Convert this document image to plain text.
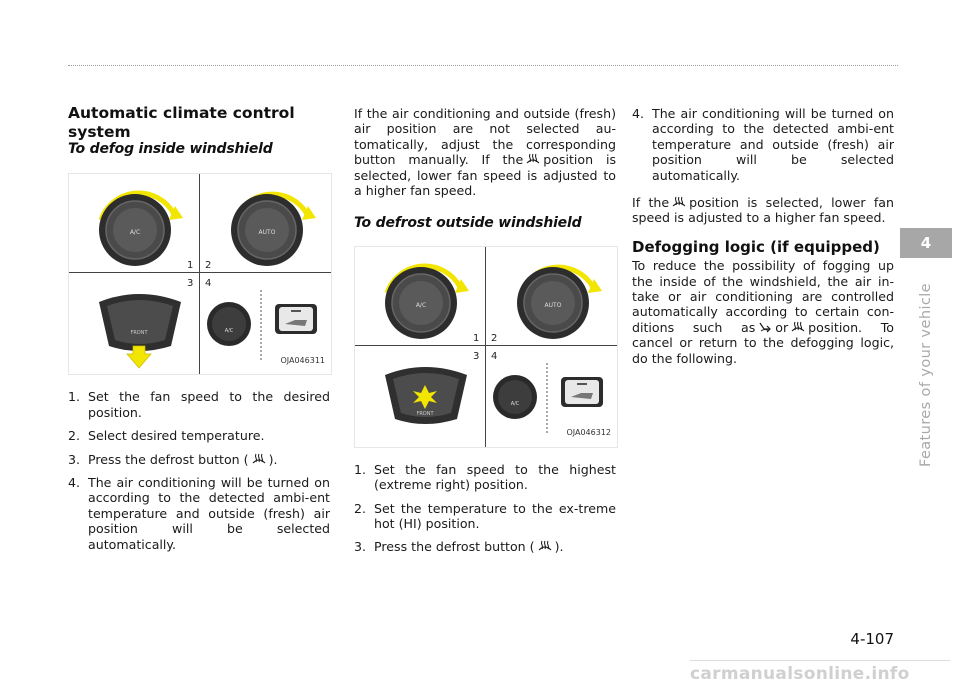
Automatic climate control system
To defog inside windshield
A/C	AUTO
FRONT	A/C
1 2
3 4
OJA046311
1. Set the fan speed to the desired position.
2. Select desired temperature.
3. Press the defrost button ( ).
4. The air conditioning will be turned on according to the detected ambi-ent temperature and outside (fresh) air position will be selected automatically.

If the air conditioning and outside (fresh) air position are not selected au-tomatically, adjust the corresponding button manually. If the position is selected, lower fan speed is adjusted to a higher fan speed.

To defrost outside windshield
A/C	AUTO
FRONT
A/C
1 2
3 4
OJA046312
1. Set the fan speed to the highest (extreme right) position.
2. Set the temperature to the ex-treme hot (HI) position.
3. Press the defrost button ( ).
4. The air conditioning will be turned on according to the detected ambi-ent temperature and outside (fresh) air position will be selected automatically.

If the position is selected, lower fan speed is adjusted to a higher fan speed.

Defogging logic (if equipped)

To reduce the possibility of fogging up the inside of the windshield, the air in-take or air conditioning are controlled automatically according to certain con-ditions such as or position. To cancel or return to the defogging logic, do the following.

4
Features of your vehicle
4-107
carmanualsonline.info
